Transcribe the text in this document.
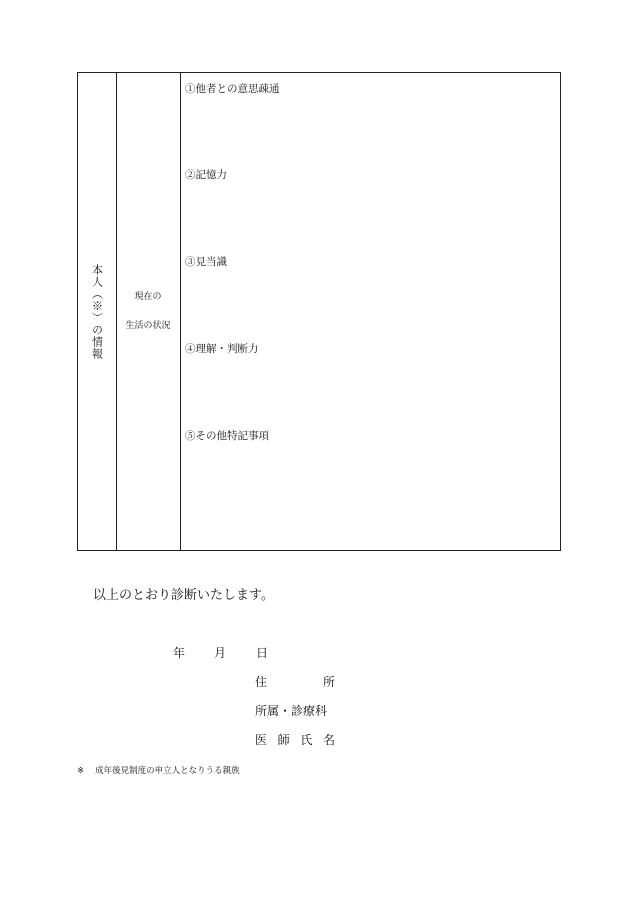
本人（※）の情報	現在の
生活の状況
①他者との意思疎通
②記憶力
③見当識
④理解・判断力
⑤その他特記事項
以上のとおり診断いたします。
年 月 日
住	所
所属・診療科
医 師 氏 名
※ 成年後見制度の申立人となりうる親族
